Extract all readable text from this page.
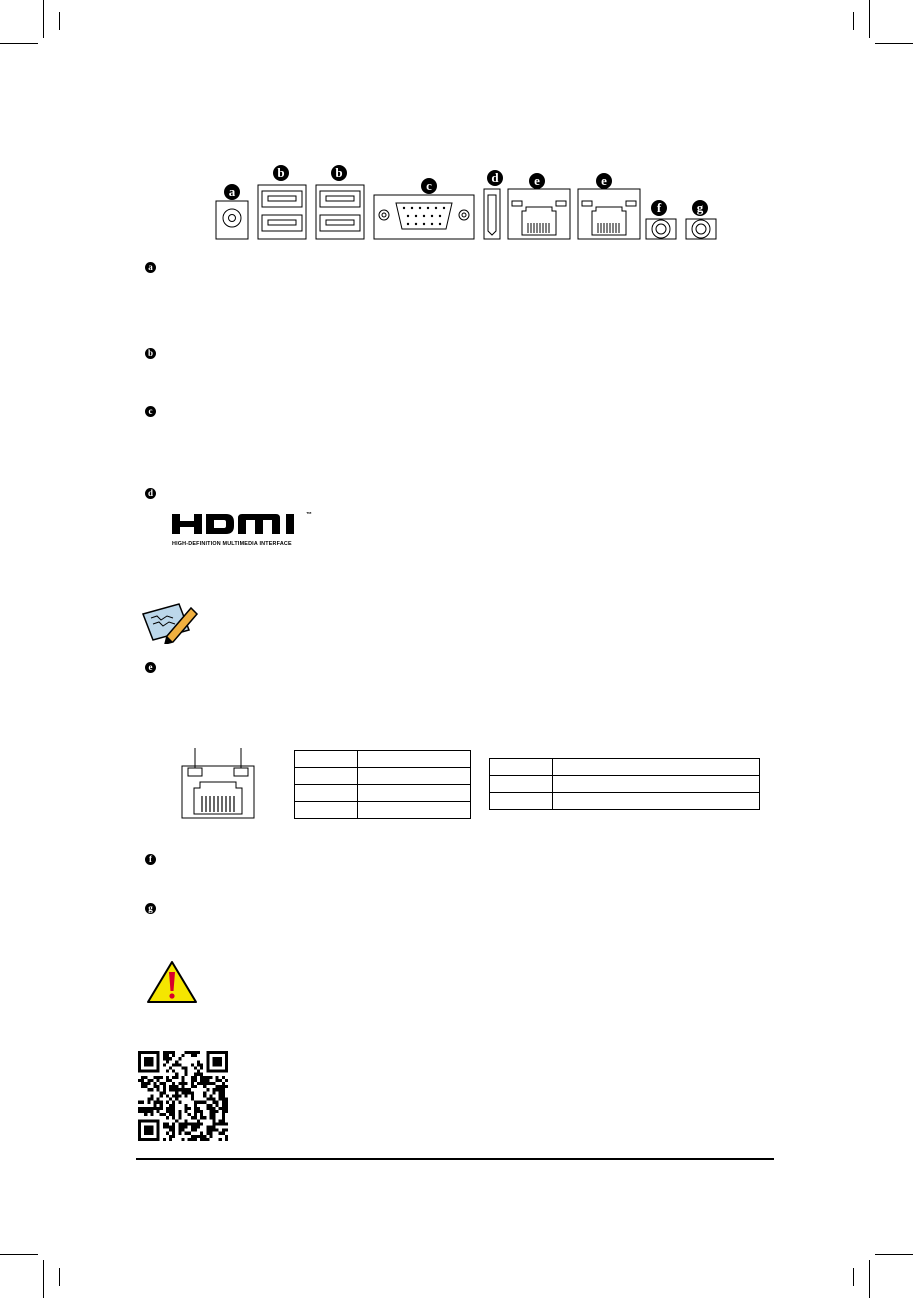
a
b	b
c
d	e	e
f	g
a
b
c
d
e
f
g
™
HIGH-DEFINITION MULTIMEDIA INTERFACE
